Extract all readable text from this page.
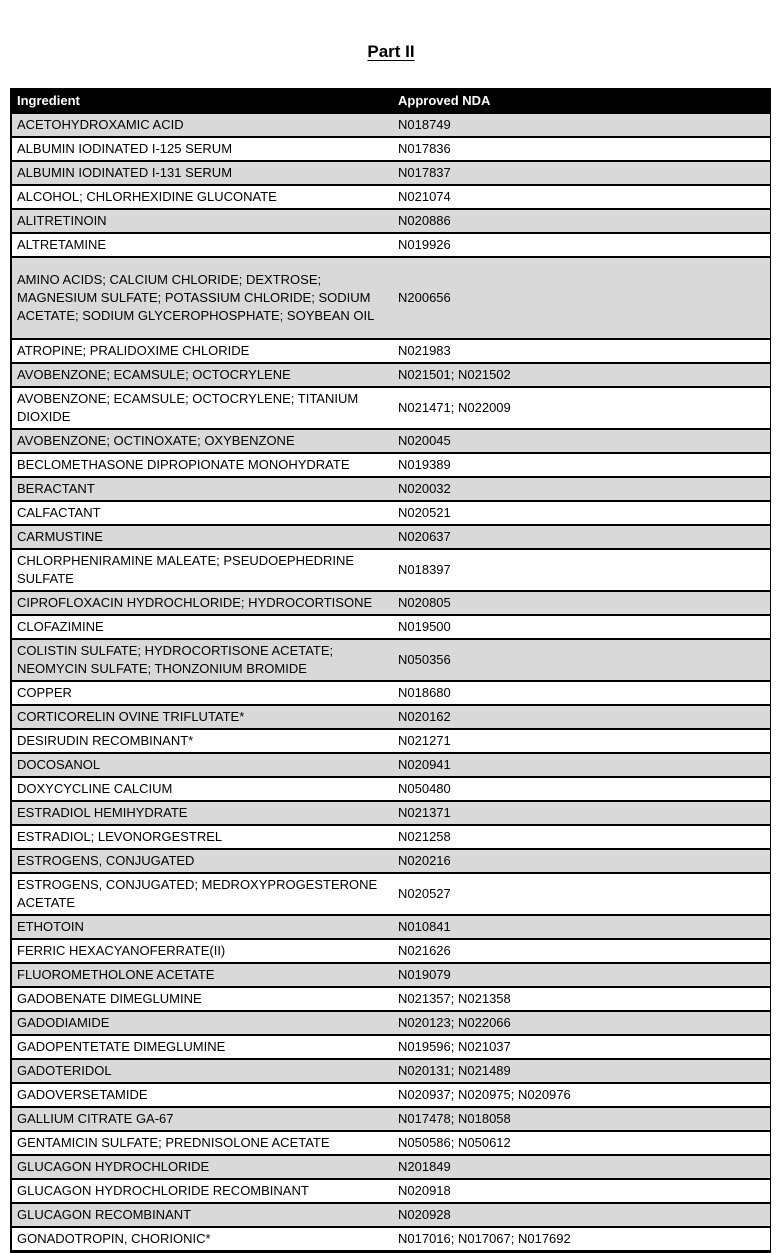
Part II
Ingredient	Approved NDA
ACETOHYDROXAMIC ACID	N018749
ALBUMIN IODINATED I-125 SERUM	N017836
ALBUMIN IODINATED I-131 SERUM	N017837
ALCOHOL; CHLORHEXIDINE GLUCONATE	N021074
ALITRETINOIN	N020886
ALTRETAMINE	N019926
AMINO ACIDS; CALCIUM CHLORIDE; DEXTROSE; MAGNESIUM SULFATE; POTASSIUM CHLORIDE; SODIUM ACETATE; SODIUM GLYCEROPHOSPHATE; SOYBEAN OIL	N200656
ATROPINE; PRALIDOXIME CHLORIDE	N021983
AVOBENZONE; ECAMSULE; OCTOCRYLENE	N021501; N021502
AVOBENZONE; ECAMSULE; OCTOCRYLENE; TITANIUM DIOXIDE	N021471; N022009
AVOBENZONE; OCTINOXATE; OXYBENZONE	N020045
BECLOMETHASONE DIPROPIONATE MONOHYDRATE	N019389
BERACTANT	N020032
CALFACTANT	N020521
CARMUSTINE	N020637
CHLORPHENIRAMINE MALEATE; PSEUDOEPHEDRINE SULFATE	N018397
CIPROFLOXACIN HYDROCHLORIDE; HYDROCORTISONE	N020805
CLOFAZIMINE	N019500
COLISTIN SULFATE; HYDROCORTISONE ACETATE; NEOMYCIN SULFATE; THONZONIUM BROMIDE	N050356
COPPER	N018680
CORTICORELIN OVINE TRIFLUTATE*	N020162
DESIRUDIN RECOMBINANT*	N021271
DOCOSANOL	N020941
DOXYCYCLINE CALCIUM	N050480
ESTRADIOL HEMIHYDRATE	N021371
ESTRADIOL; LEVONORGESTREL	N021258
ESTROGENS, CONJUGATED	N020216
ESTROGENS, CONJUGATED; MEDROXYPROGESTERONE ACETATE	N020527
ETHOTOIN	N010841
FERRIC HEXACYANOFERRATE(II)	N021626
FLUOROMETHOLONE ACETATE	N019079
GADOBENATE DIMEGLUMINE	N021357; N021358
GADODIAMIDE	N020123; N022066
GADOPENTETATE DIMEGLUMINE	N019596; N021037
GADOTERIDOL	N020131; N021489
GADOVERSETAMIDE	N020937; N020975; N020976
GALLIUM CITRATE GA-67	N017478; N018058
GENTAMICIN SULFATE; PREDNISOLONE ACETATE	N050586; N050612
GLUCAGON HYDROCHLORIDE	N201849
GLUCAGON HYDROCHLORIDE RECOMBINANT	N020918
GLUCAGON RECOMBINANT	N020928
GONADOTROPIN, CHORIONIC*	N017016; N017067; N017692
